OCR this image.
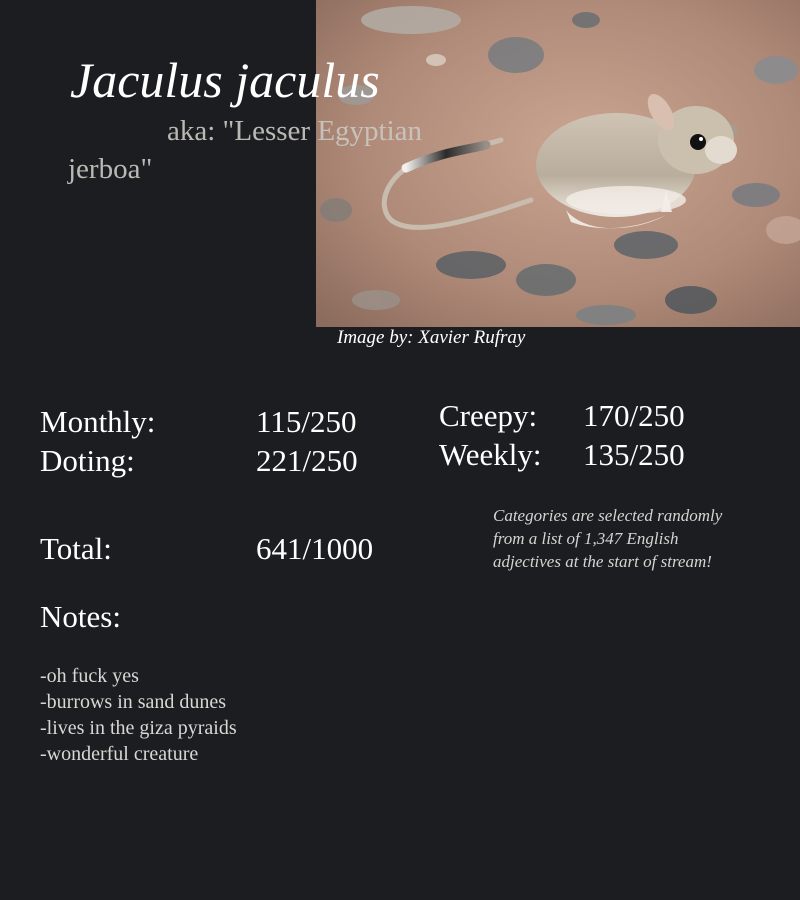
Image by: Xavier Rufray
Jaculus jaculus
aka: "Lesser Egyptian jerboa"
Monthly:	115/250
Doting:	221/250
Creepy: 170/250
Weekly: 135/250
Total:	641/1000
Categories are selected randomly from a list of 1,347 English adjectives at the start of stream!
Notes:
-oh fuck yes
-burrows in sand dunes
-lives in the giza pyraids
-wonderful creature
